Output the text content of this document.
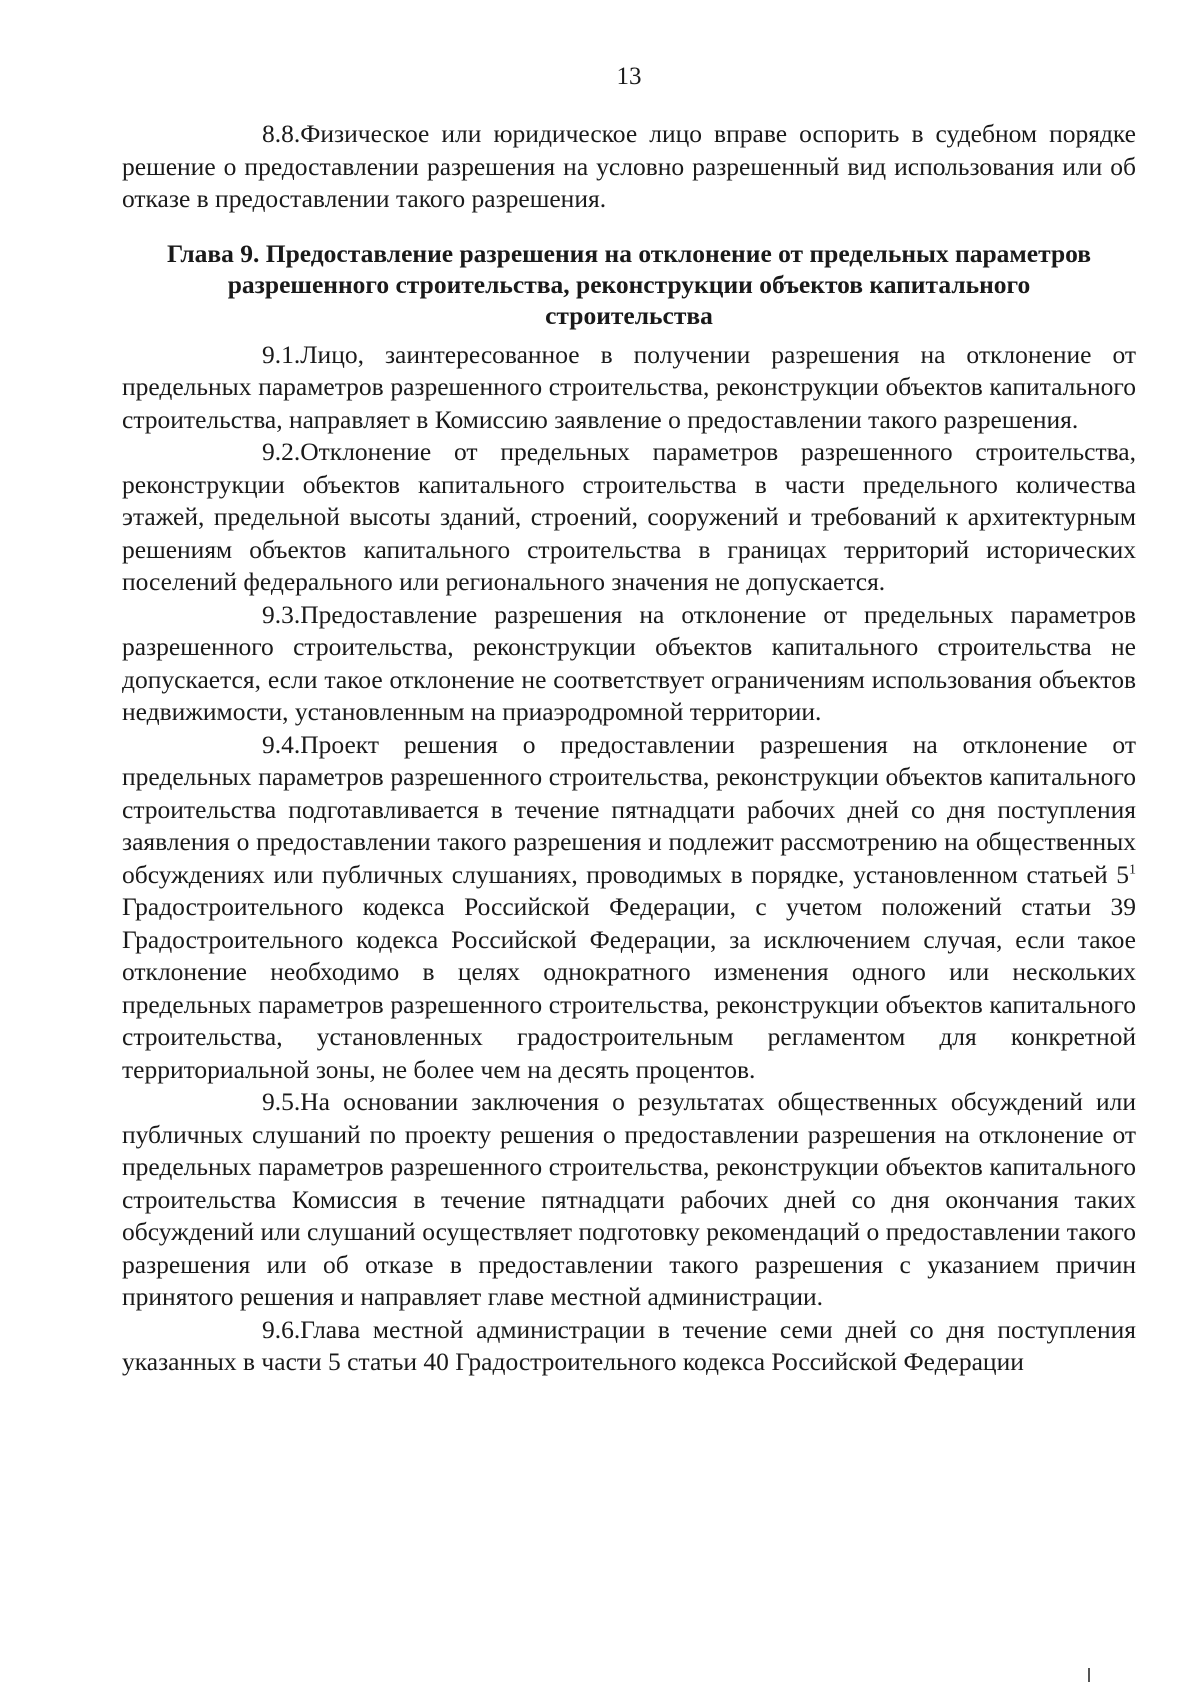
13

8.8.Физическое или юридическое лицо вправе оспорить в судебном порядке решение о предоставлении разрешения на условно разрешенный вид использования или об отказе в предоставлении такого разрешения.

Глава 9. Предоставление разрешения на отклонение от предельных параметров разрешенного строительства, реконструкции объектов капитального строительства

9.1.Лицо, заинтересованное в получении разрешения на отклонение от предельных параметров разрешенного строительства, реконструкции объектов капитального строительства, направляет в Комиссию заявление о предоставлении такого разрешения.

9.2.Отклонение от предельных параметров разрешенного строительства, реконструкции объектов капитального строительства в части предельного количества этажей, предельной высоты зданий, строений, сооружений и требований к архитектурным решениям объектов капитального строительства в границах территорий исторических поселений федерального или регионального значения не допускается.

9.3.Предоставление разрешения на отклонение от предельных параметров разрешенного строительства, реконструкции объектов капитального строительства не допускается, если такое отклонение не соответствует ограничениям использования объектов недвижимости, установленным на приаэродромной территории.

9.4.Проект решения о предоставлении разрешения на отклонение от предельных параметров разрешенного строительства, реконструкции объектов капитального строительства подготавливается в течение пятнадцати рабочих дней со дня поступления заявления о предоставлении такого разрешения и подлежит рассмотрению на общественных обсуждениях или публичных слушаниях, проводимых в порядке, установленном статьей $5^1$ Градостроительного кодекса Российской Федерации, с учетом положений статьи 39 Градостроительного кодекса Российской Федерации, за исключением случая, если такое отклонение необходимо в целях однократного изменения одного или нескольких предельных параметров разрешенного строительства, реконструкции объектов капитального строительства, установленных градостроительным регламентом для конкретной территориальной зоны, не более чем на десять процентов.

9.5.На основании заключения о результатах общественных обсуждений или публичных слушаний по проекту решения о предоставлении разрешения на отклонение от предельных параметров разрешенного строительства, реконструкции объектов капитального строительства Комиссия в течение пятнадцати рабочих дней со дня окончания таких обсуждений или слушаний осуществляет подготовку рекомендаций о предоставлении такого разрешения или об отказе в предоставлении такого разрешения с указанием причин принятого решения и направляет главе местной администрации.

9.6.Глава местной администрации в течение семи дней со дня поступления указанных в части 5 статьи 40 Градостроительного кодекса Российской Федерации
